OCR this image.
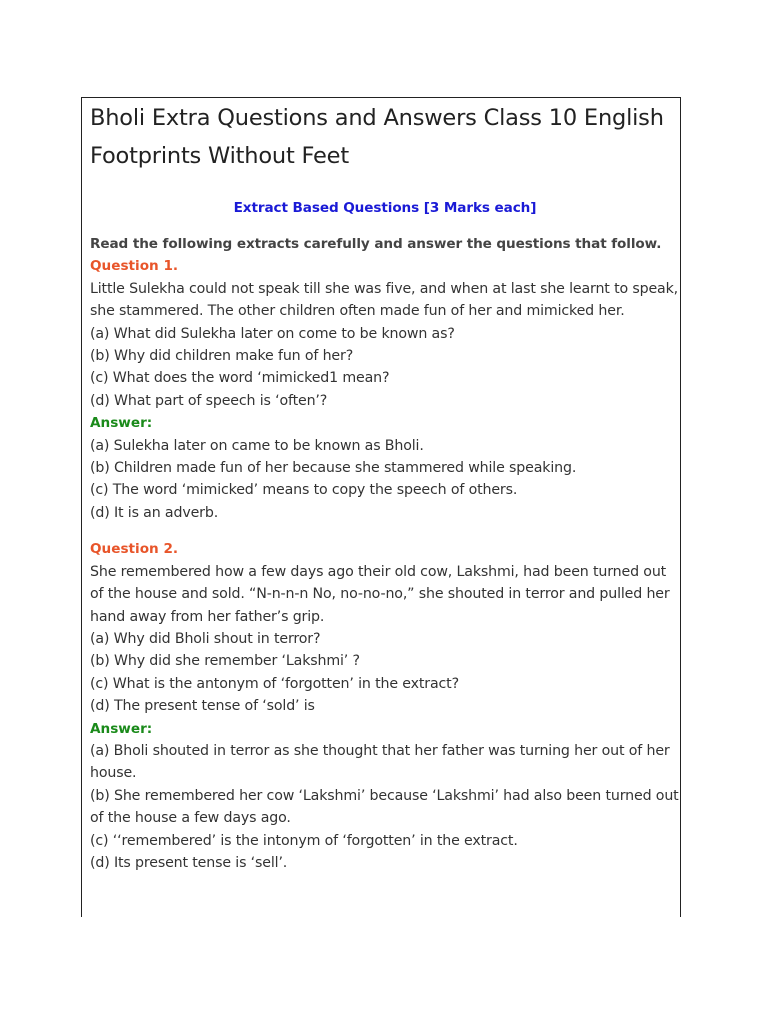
Bholi Extra Questions and Answers Class 10 English Footprints Without Feet

Extract Based Questions [3 Marks each]

Read the following extracts carefully and answer the questions that follow.

Question 1.

Little Sulekha could not speak till she was five, and when at last she learnt to speak, she stammered. The other children often made fun of her and mimicked her.

(a) What did Sulekha later on come to be known as?

(b) Why did children make fun of her?

(c) What does the word ‘mimicked1 mean?

(d) What part of speech is ‘often’?

Answer:

(a) Sulekha later on came to be known as Bholi.

(b) Children made fun of her because she stammered while speaking.

(c) The word ‘mimicked’ means to copy the speech of others.

(d) It is an adverb.

Question 2.

She remembered how a few days ago their old cow, Lakshmi, had been turned out of the house and sold. “N-n-n-n No, no-no-no,” she shouted in terror and pulled her hand away from her father’s grip.

(a) Why did Bholi shout in terror?

(b) Why did she remember ‘Lakshmi’ ?

(c) What is the antonym of ‘forgotten’ in the extract?

(d) The present tense of ‘sold’ is

Answer:

(a) Bholi shouted in terror as she thought that her father was turning her out of her house.

(b) She remembered her cow ‘Lakshmi’ because ‘Lakshmi’ had also been turned out of the house a few days ago.

(c) ‘‘remembered’ is the intonym of ‘forgotten’ in the extract.

(d) Its present tense is ‘sell’.
